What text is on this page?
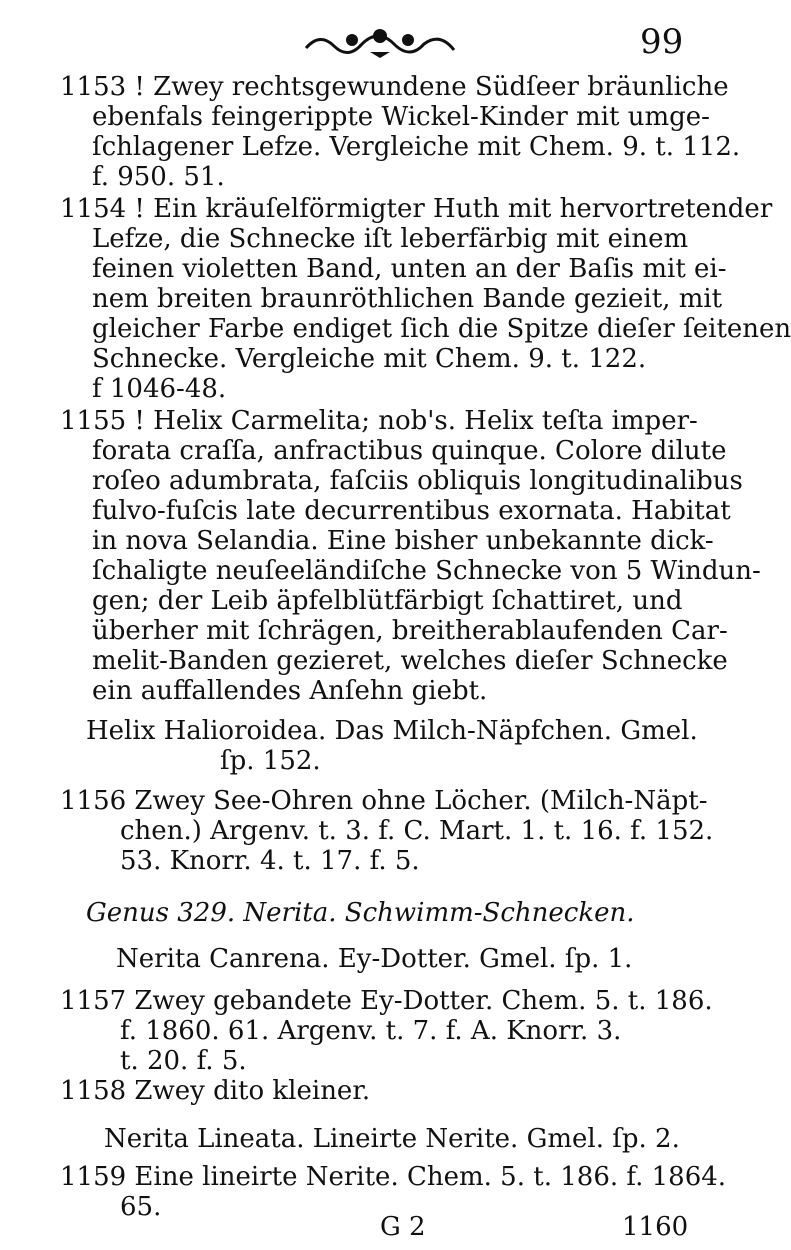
99
1153 ! Zwey rechtsgewundene Südſeer bräunliche
ebenfals feingerippte Wickel-Kinder mit umge-
ſchlagener Lefze. Vergleiche mit Chem. 9. t. 112.
f. 950. 51.
1154 ! Ein kräuſelförmigter Huth mit hervortretender
Lefze, die Schnecke iſt leberfärbig mit einem
feinen violetten Band, unten an der Baſis mit ei-
nem breiten braunröthlichen Bande gezieit, mit
gleicher Farbe endiget ſich die Spitze dieſer ſeitenen
Schnecke. Vergleiche mit Chem. 9. t. 122.
f 1046-48.
1155 ! Helix Carmelita; nob's. Helix teſta imper-
forata craſſa, anfractibus quinque. Colore dilute
roſeo adumbrata, faſciis obliquis longitudinalibus
fulvo-fuſcis late decurrentibus exornata. Habitat
in nova Selandia. Eine bisher unbekannte dick-
ſchaligte neuſeeländiſche Schnecke von 5 Windun-
gen; der Leib äpfelblütfärbigt ſchattiret, und
überher mit ſchrägen, breitherablaufenden Car-
melit-Banden gezieret, welches dieſer Schnecke
ein auffallendes Anſehn giebt.
Helix Halioroidea. Das Milch-Näpfchen. Gmel.
ſp. 152.
1156 Zwey See-Ohren ohne Löcher. (Milch-Näpt-
chen.) Argenv. t. 3. f. C. Mart. 1. t. 16. f. 152.
53. Knorr. 4. t. 17. f. 5.
Genus 329. Nerita. Schwimm-Schnecken.
Nerita Canrena. Ey-Dotter. Gmel. ſp. 1.
1157 Zwey gebandete Ey-Dotter. Chem. 5. t. 186.
f. 1860. 61. Argenv. t. 7. f. A. Knorr. 3.
t. 20. f. 5.
1158 Zwey dito kleiner.
Nerita Lineata. Lineirte Nerite. Gmel. ſp. 2.
1159 Eine lineirte Nerite. Chem. 5. t. 186. f. 1864.
65.
G 2	1160
